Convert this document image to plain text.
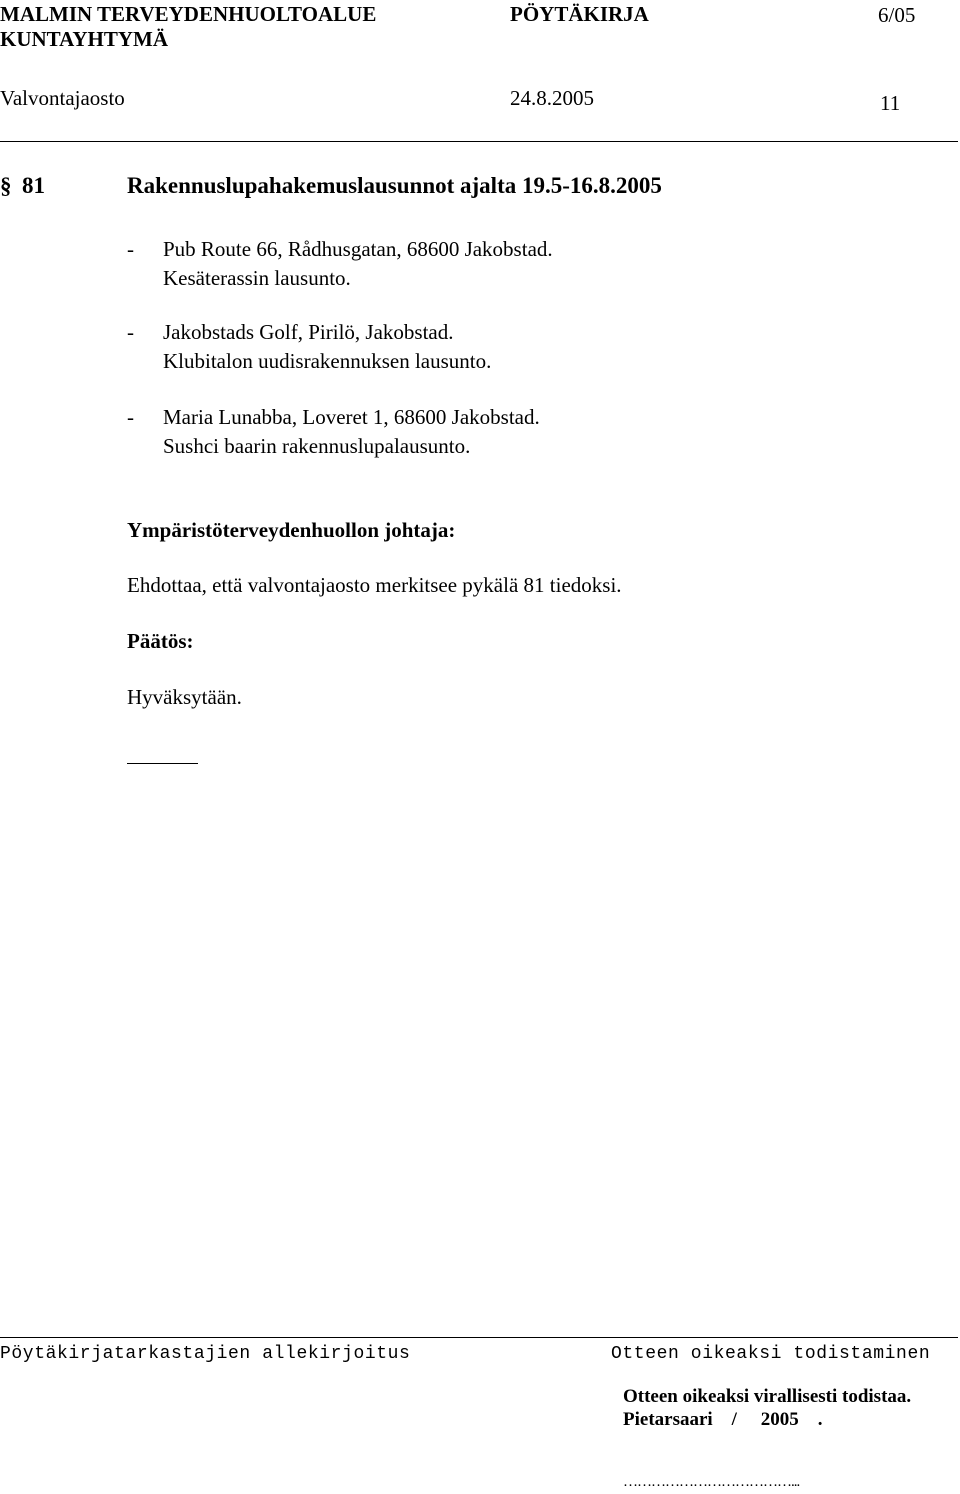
MALMIN TERVEYDENHUOLTOALUE
KUNTAYHTYMÄ
PÖYTÄKIRJA	6/05
Valvontajaosto	24.8.2005	11
§ 81	Rakennuslupahakemuslausunnot ajalta 19.5-16.8.2005
- Pub Route 66, Rådhusgatan, 68600 Jakobstad.
Kesäterassin lausunto.
- Jakobstads Golf, Pirilö, Jakobstad.
Klubitalon uudisrakennuksen lausunto.
- Maria Lunabba, Loveret 1, 68600 Jakobstad.
Sushci baarin rakennuslupalausunto.
Ympäristöterveydenhuollon johtaja:
Ehdottaa, että valvontajaosto merkitsee pykälä 81 tiedoksi.
Päätös:
Hyväksytään.
Pöytäkirjatarkastajien allekirjoitus	Otteen oikeaksi todistaminen
Otteen oikeaksi virallisesti todistaa.
Pietarsaari    /     2005    .
………………………………...
